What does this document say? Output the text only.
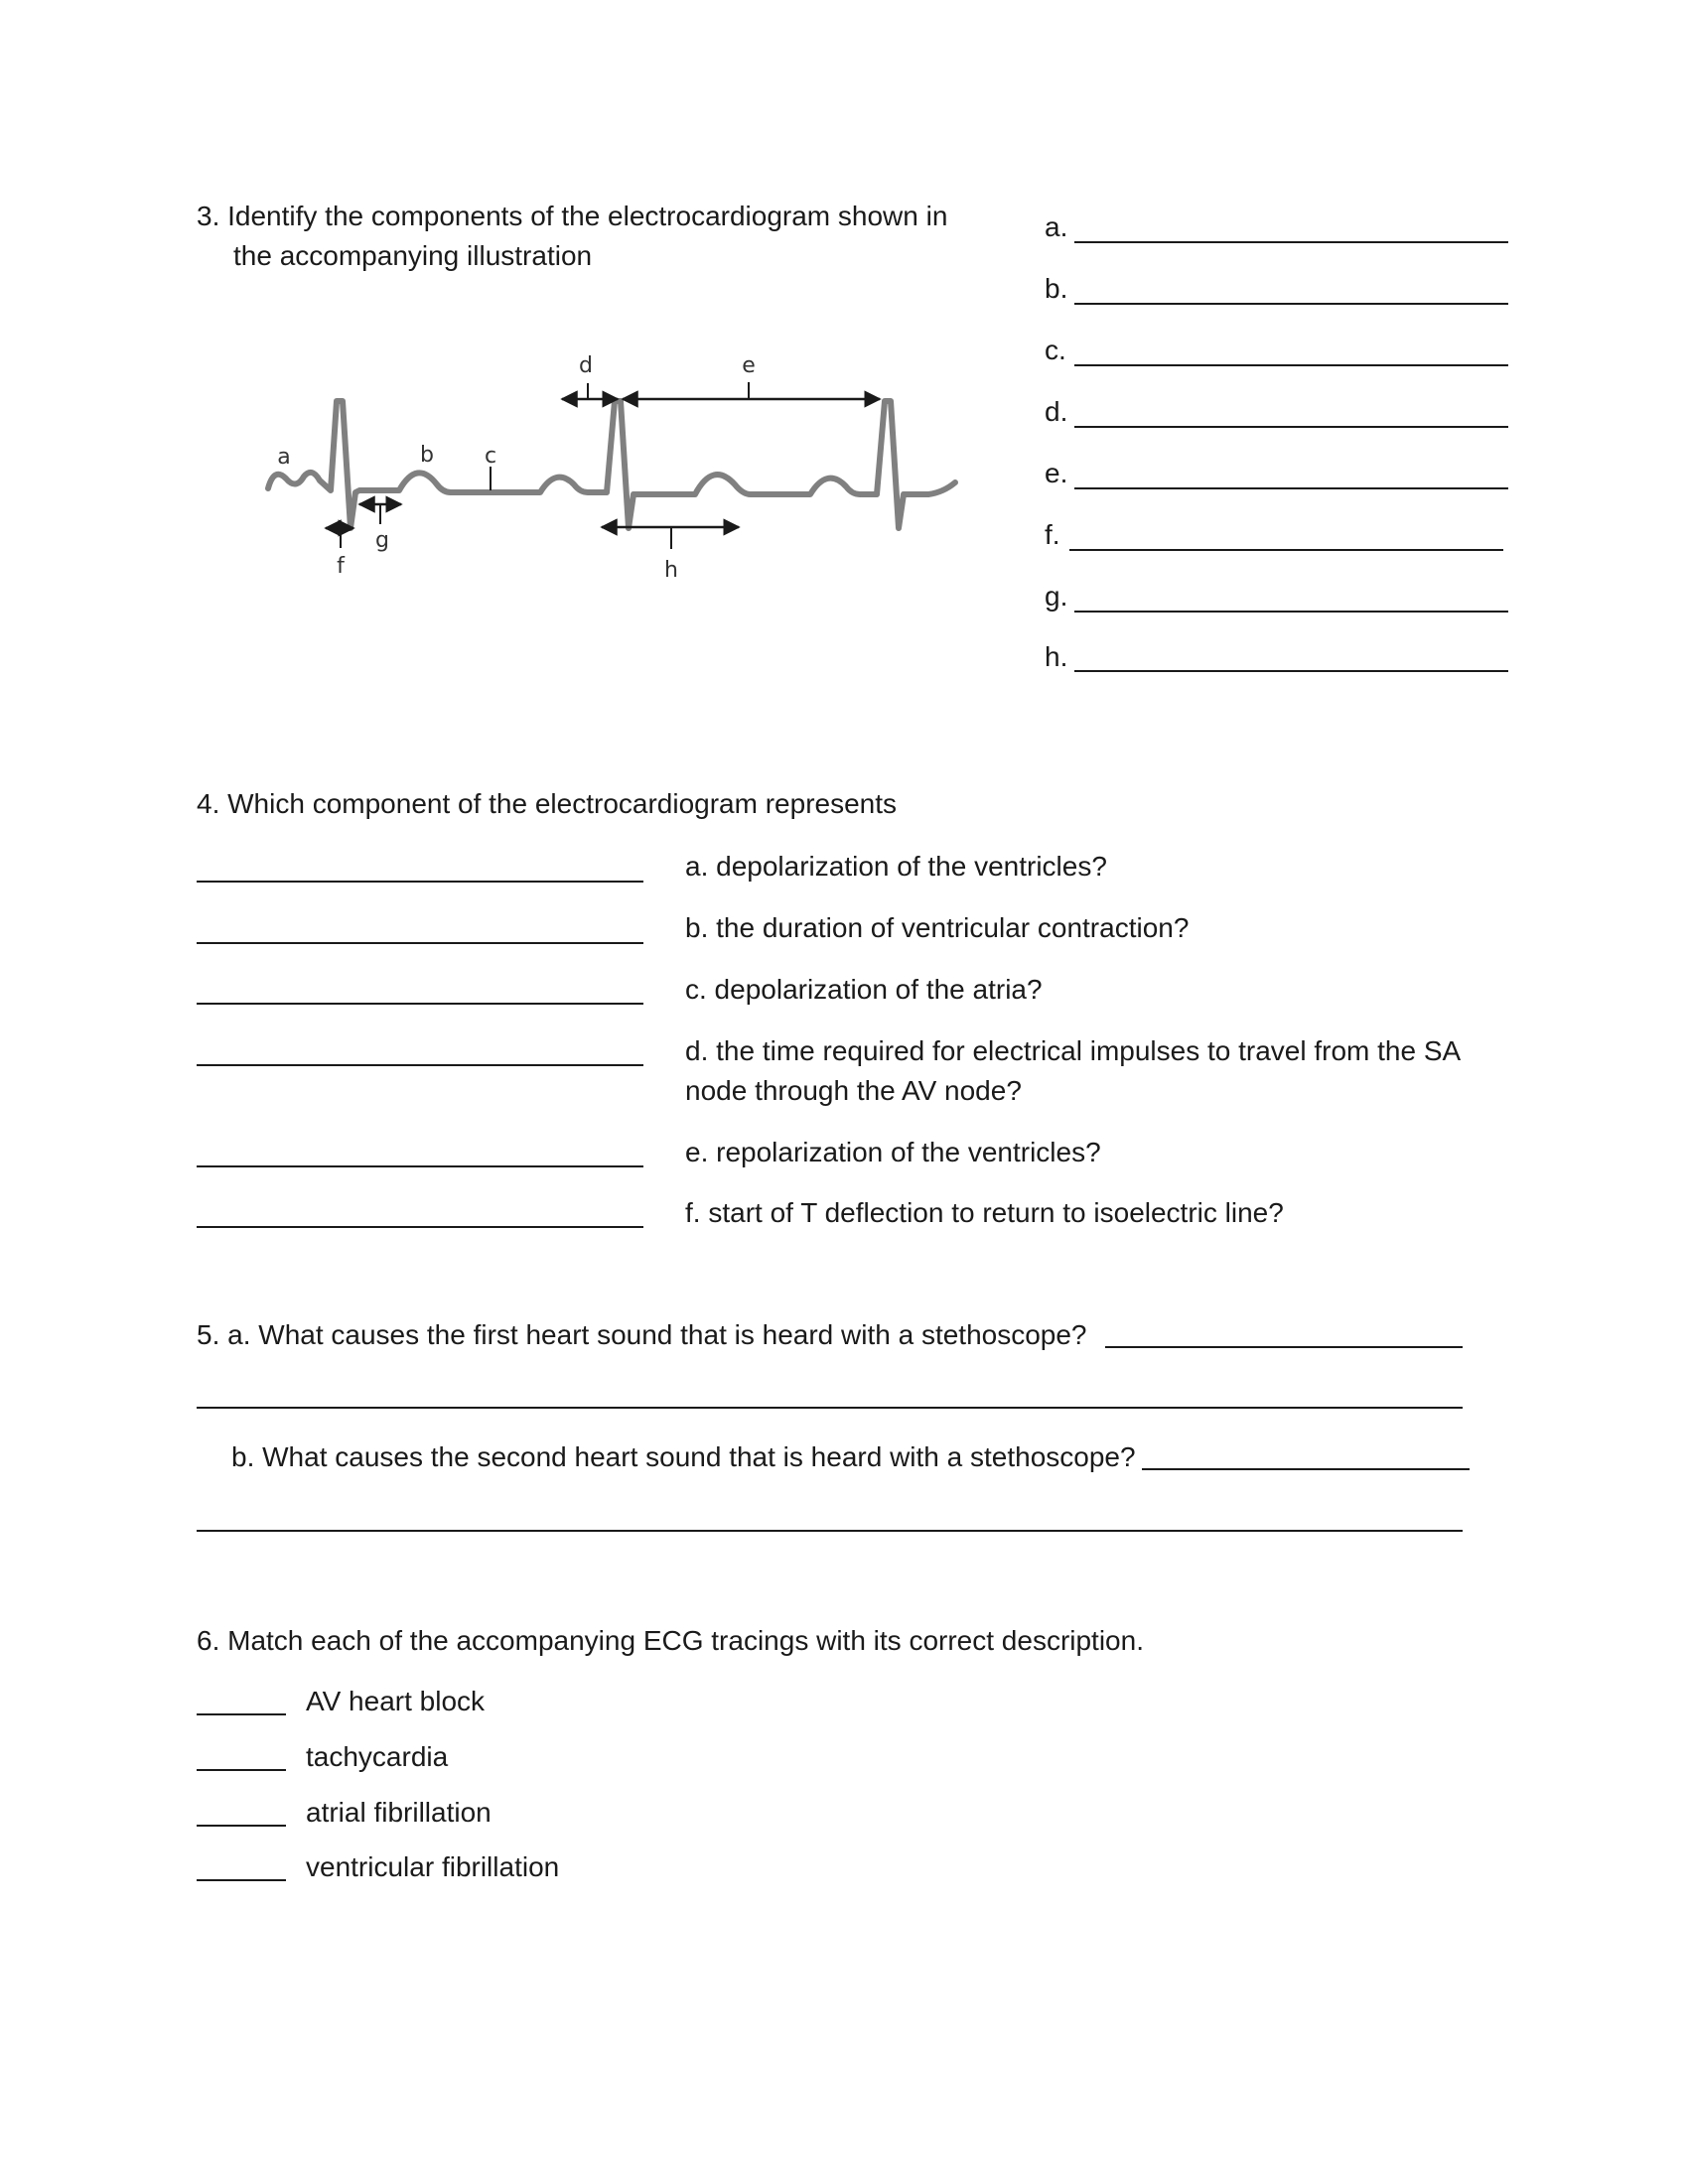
3. Identify the components of the electrocardiogram shown in
the accompanying illustration
a	b c
d	e
f
g
h
a.
b.
c.
d.
e.
f.
g.
h.
4. Which component of the electrocardiogram represents
a. depolarization of the ventricles?
b. the duration of ventricular contraction?
c. depolarization of the atria?
d. the time required for electrical impulses to travel from the SA
node through the AV node?
e. repolarization of the ventricles?
f. start of T deflection to return to isoelectric line?
5. a. What causes the first heart sound that is heard with a stethoscope?
b. What causes the second heart sound that is heard with a stethoscope?
6. Match each of the accompanying ECG tracings with its correct description.
AV heart block
tachycardia
atrial fibrillation
ventricular fibrillation
